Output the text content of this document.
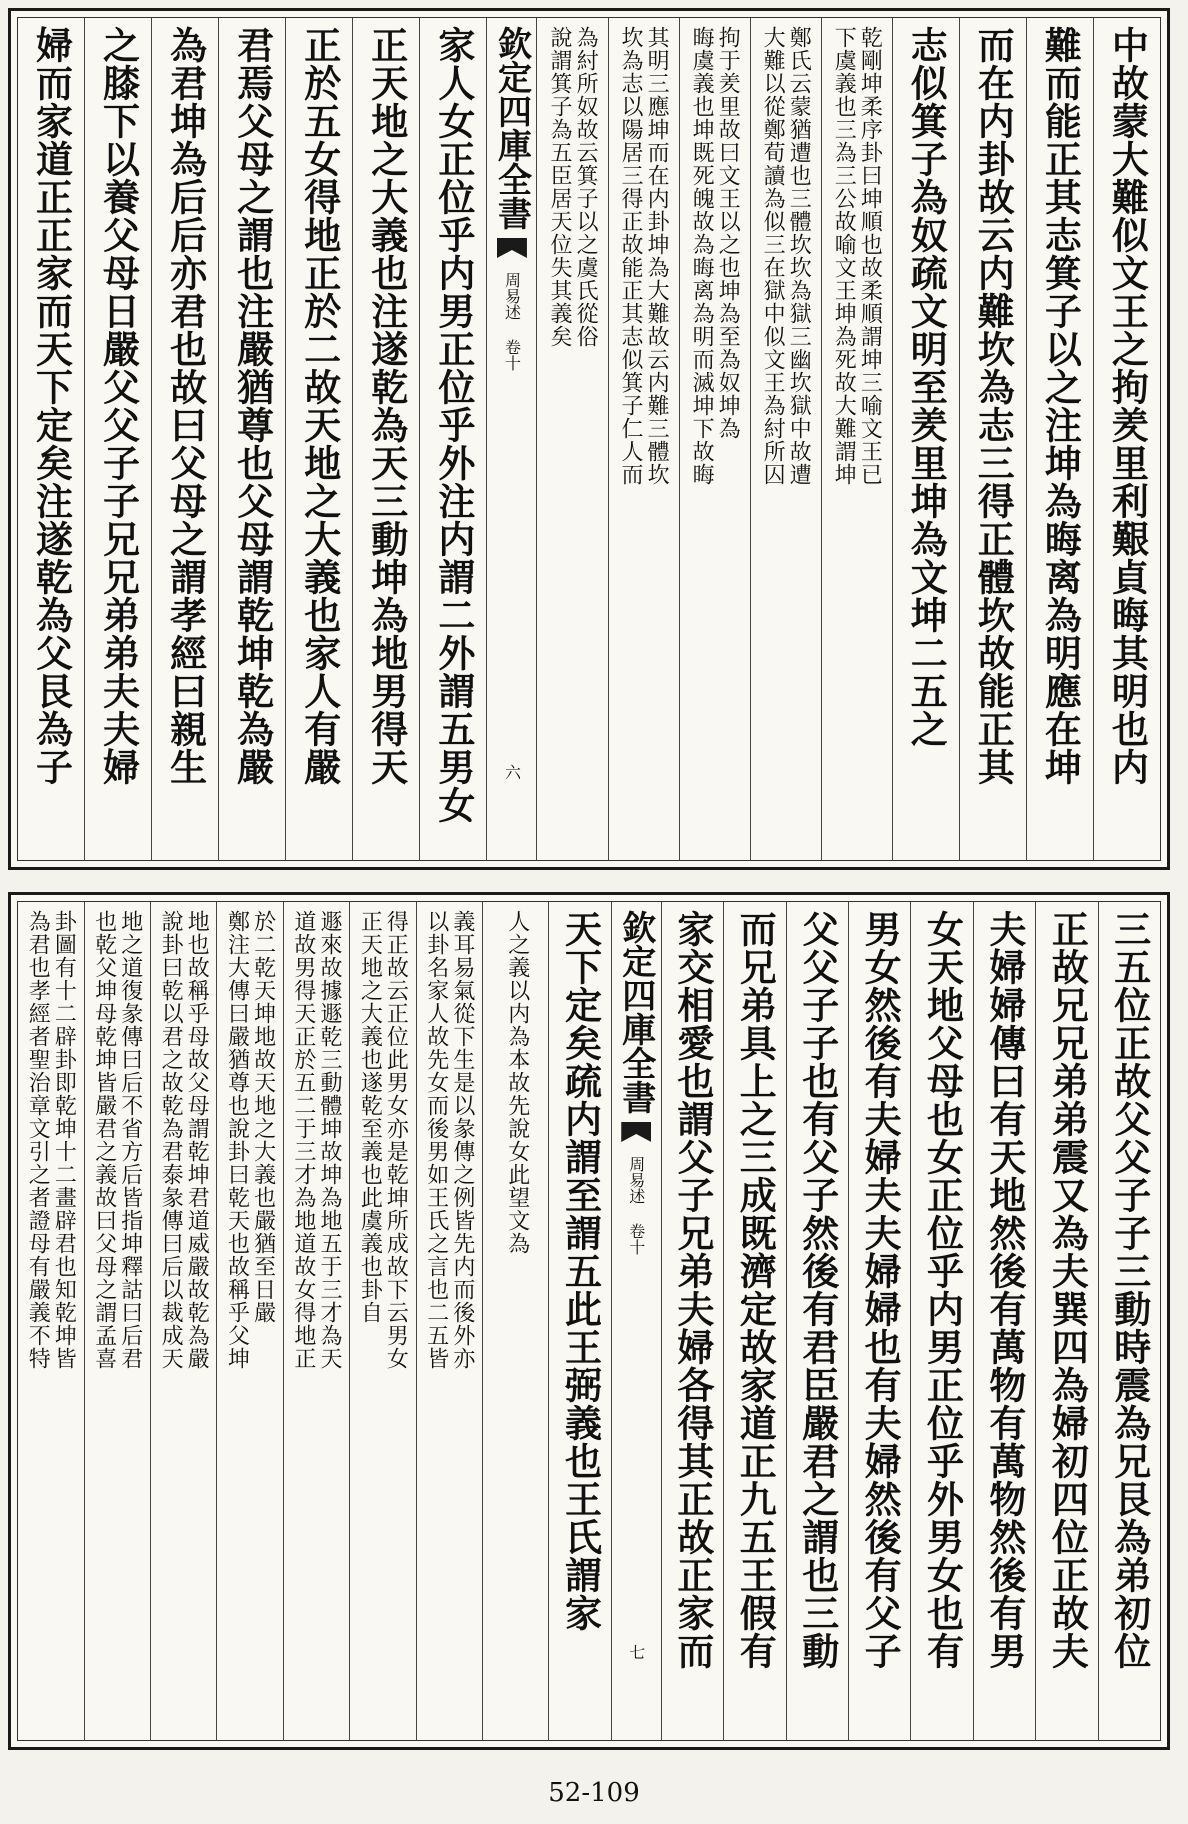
中故蒙大難似文王之拘羑里利艱貞晦其明也内
難而能正其志箕子以之注坤為晦离為明應在坤
而在内卦故云内難坎為志三得正體坎故能正其
志似箕子為奴疏文明至羑里坤為文坤二五之
乾剛坤柔序卦曰坤順也故柔順謂坤三喻文王已
下虞義也三為三公故喻文王坤為死故大難謂坤
鄭氏云蒙猶遭也三體坎坎為獄三幽坎獄中故遭
大難以從鄭荀讀為似三在獄中似文王為紂所囚
拘于羑里故曰文王以之也坤為至為奴坤為
晦虞義也坤既死魄故為晦离為明而滅坤下故晦
其明三應坤而在内卦坤為大難故云内難三體坎
坎為志以陽居三得正故能正其志似箕子仁人而
為紂所奴故云箕子以之虞氏從俗
說謂箕子為五臣居天位失其義矣
欽定四庫全書
周易述 卷十
六
家人女正位乎内男正位乎外注内謂二外謂五男女
正天地之大義也注遂乾為天三動坤為地男得天
正於五女得地正於二故天地之大義也家人有嚴
君焉父母之謂也注嚴猶尊也父母謂乾坤乾為嚴
為君坤為后后亦君也故曰父母之謂孝經曰親生
之膝下以養父母日嚴父父子子兄兄弟弟夫夫婦
婦而家道正正家而天下定矣注遂乾為父艮為子
三五位正故父父子子三動時震為兄艮為弟初位
正故兄兄弟弟震又為夫巽四為婦初四位正故夫
夫婦婦傳曰有天地然後有萬物有萬物然後有男
女天地父母也女正位乎内男正位乎外男女也有
男女然後有夫婦夫夫婦婦也有夫婦然後有父子
父父子子也有父子然後有君臣嚴君之謂也三動
而兄弟具上之三成既濟定故家道正九五王假有
家交相愛也謂父子兄弟夫婦各得其正故正家而
欽定四庫全書
周易述 卷十
七
天下定矣疏内謂至謂五此王弼義也王氏謂家
人之義以内為本故先說女此望文為
義耳易氣從下生是以彖傳之例皆先内而後外亦
以卦名家人故先女而後男如王氏之言也二五皆
得正故云正位此男女亦是乾坤所成故下云男女
正天地之大義也遂乾至義也此虞義也卦自
遯來故據遯乾三動體坤故坤為地五于三才為天
道故男得天正於五二于三才為地道故女得地正
於二乾天坤地故天地之大義也嚴猶至日嚴
鄭注大傳曰嚴猶尊也說卦曰乾天也故稱乎父坤
地也故稱乎母故父母謂乾坤君道威嚴故乾為嚴
說卦曰乾以君之故乾為君泰彖傳曰后以裁成天
地之道復彖傳曰后不省方后皆指坤釋詁曰后君
也乾父坤母乾坤皆嚴君之義故曰父母之謂孟喜
卦圖有十二辟卦即乾坤十二畫辟君也知乾坤皆
為君也孝經者聖治章文引之者證母有嚴義不特
52-109
